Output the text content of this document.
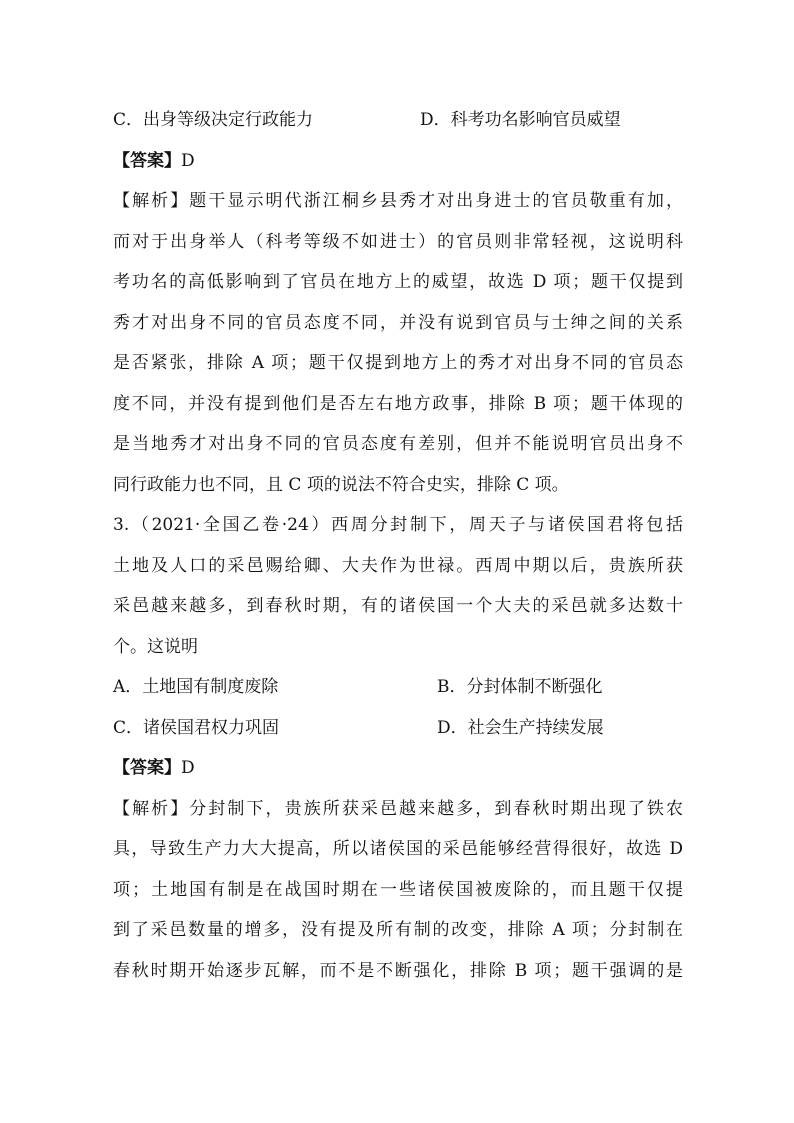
C．出身等级决定行政能力	D．科考功名影响官员威望
【答案】D
【解析】题干显示明代浙江桐乡县秀才对出身进士的官员敬重有加，
而对于出身举人（科考等级不如进士）的官员则非常轻视，这说明科
考功名的高低影响到了官员在地方上的威望，故选 D 项；题干仅提到
秀才对出身不同的官员态度不同，并没有说到官员与士绅之间的关系
是否紧张，排除 A 项；题干仅提到地方上的秀才对出身不同的官员态
度不同，并没有提到他们是否左右地方政事，排除 B 项；题干体现的
是当地秀才对出身不同的官员态度有差别，但并不能说明官员出身不
同行政能力也不同，且 C 项的说法不符合史实，排除 C 项。
3.（2021·全国乙卷·24）西周分封制下，周天子与诸侯国君将包括
土地及人口的采邑赐给卿、大夫作为世禄。西周中期以后，贵族所获
采邑越来越多，到春秋时期，有的诸侯国一个大夫的采邑就多达数十
个。这说明
A．土地国有制度废除	B．分封体制不断强化
C．诸侯国君权力巩固	D．社会生产持续发展
【答案】D
【解析】分封制下，贵族所获采邑越来越多，到春秋时期出现了铁农
具，导致生产力大大提高，所以诸侯国的采邑能够经营得很好，故选 D
项；土地国有制是在战国时期在一些诸侯国被废除的，而且题干仅提
到了采邑数量的增多，没有提及所有制的改变，排除 A 项；分封制在
春秋时期开始逐步瓦解，而不是不断强化，排除 B 项；题干强调的是
